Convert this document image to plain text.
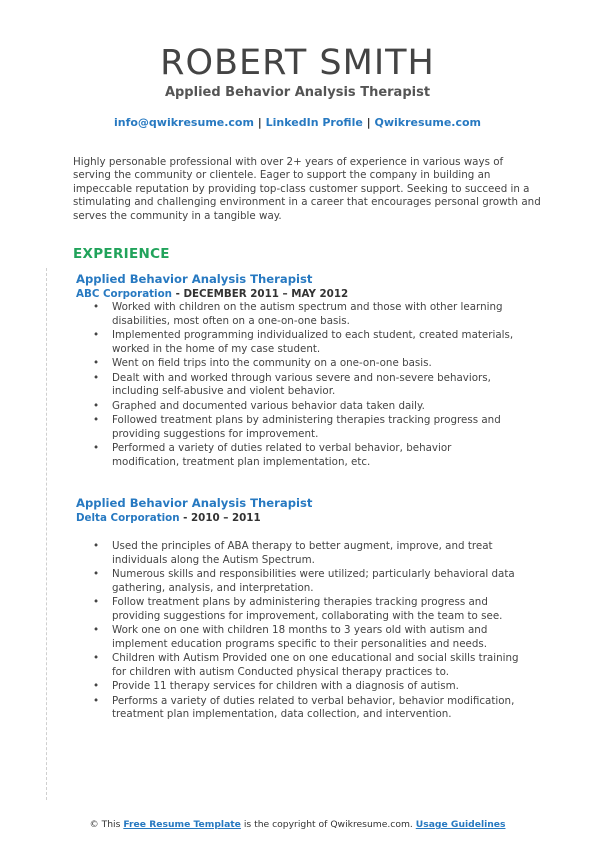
ROBERT SMITH
Applied Behavior Analysis Therapist
info@qwikresume.com | LinkedIn Profile | Qwikresume.com
Highly personable professional with over 2+ years of experience in various ways of serving the community or clientele. Eager to support the company in building an impeccable reputation by providing top-class customer support. Seeking to succeed in a stimulating and challenging environment in a career that encourages personal growth and serves the community in a tangible way.
EXPERIENCE
Applied Behavior Analysis Therapist
ABC Corporation - DECEMBER 2011 – MAY 2012
• Worked with children on the autism spectrum and those with other learning disabilities, most often on a one-on-one basis.
• Implemented programming individualized to each student, created materials, worked in the home of my case student.
• Went on field trips into the community on a one-on-one basis.
• Dealt with and worked through various severe and non-severe behaviors, including self-abusive and violent behavior.
• Graphed and documented various behavior data taken daily.
• Followed treatment plans by administering therapies tracking progress and providing suggestions for improvement.
• Performed a variety of duties related to verbal behavior, behavior modification, treatment plan implementation, etc.
Applied Behavior Analysis Therapist
Delta Corporation - 2010 – 2011
• Used the principles of ABA therapy to better augment, improve, and treat individuals along the Autism Spectrum.
• Numerous skills and responsibilities were utilized; particularly behavioral data gathering, analysis, and interpretation.
• Follow treatment plans by administering therapies tracking progress and providing suggestions for improvement, collaborating with the team to see.
• Work one on one with children 18 months to 3 years old with autism and implement education programs specific to their personalities and needs.
• Children with Autism Provided one on one educational and social skills training for children with autism Conducted physical therapy practices to.
• Provide 11 therapy services for children with a diagnosis of autism.
• Performs a variety of duties related to verbal behavior, behavior modification, treatment plan implementation, data collection, and intervention.
© This Free Resume Template is the copyright of Qwikresume.com. Usage Guidelines
